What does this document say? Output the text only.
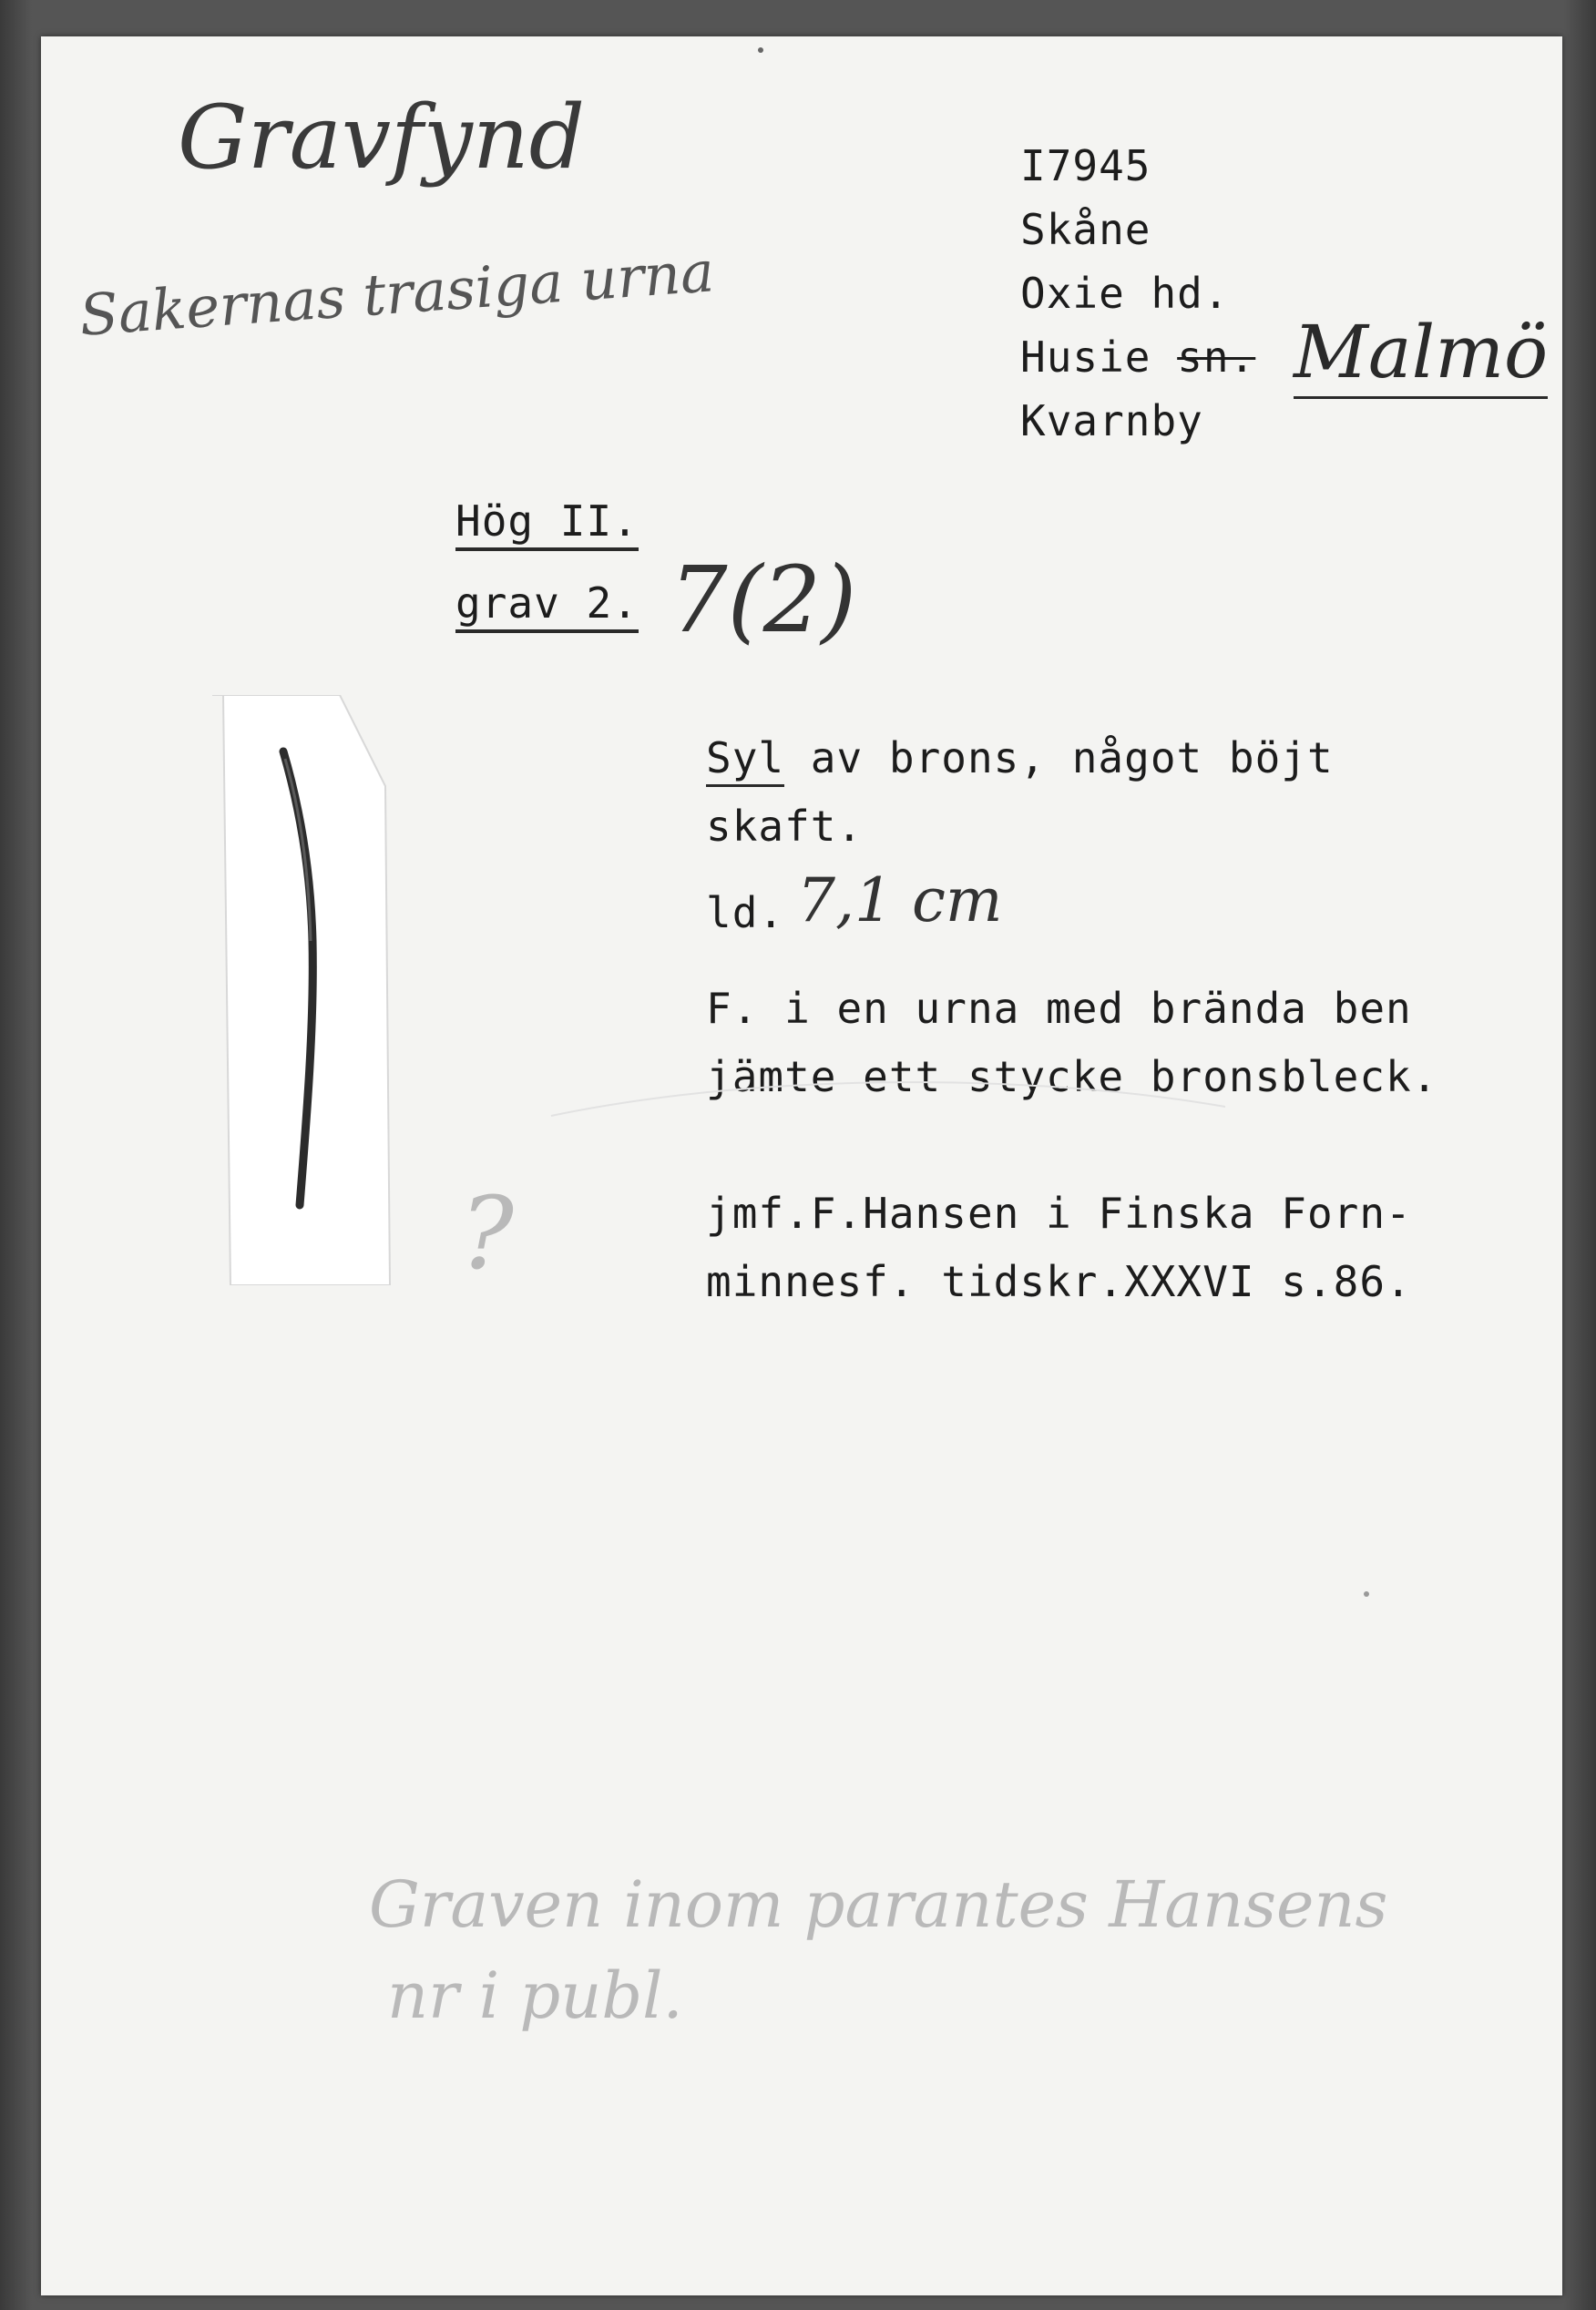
Gravfynd
Sakernas trasiga urna
I7945
Skåne
Oxie hd.
Husie sn. Malmö
Kvarnby
Hög II.
grav 2. 7(2)
Syl av brons, något böjt
skaft.
ld. 7,1 cm
F. i en urna med brända ben
jämte ett stycke bronsbleck.
jmf.F.Hansen i Finska Forn-
minnesf. tidskr.XXXVI s.86.
?
Graven inom parantes Hansens
nr i publ.
